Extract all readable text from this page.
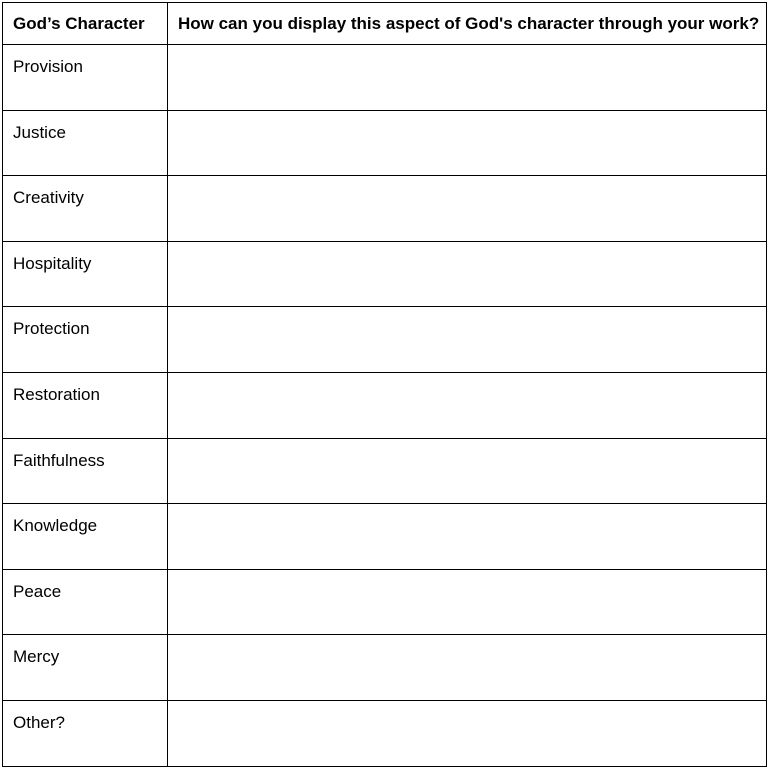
God’s Character	How can you display this aspect of God's character through your work?
Provision	
Justice	
Creativity	
Hospitality	
Protection	
Restoration	
Faithfulness	
Knowledge	
Peace	
Mercy	
Other?	
